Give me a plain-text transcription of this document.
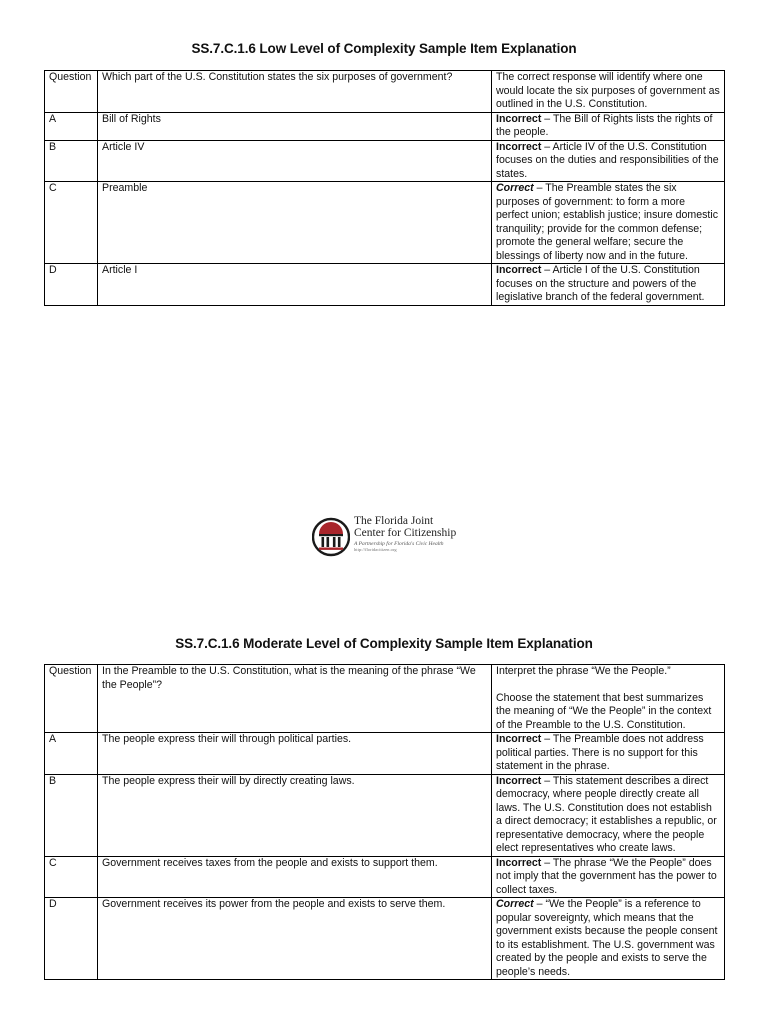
SS.7.C.1.6 Low Level of Complexity Sample Item Explanation
Question	Which part of the U.S. Constitution states the six purposes of government?	The correct response will identify where one would locate the six purposes of government as outlined in the U.S. Constitution.

A	Bill of Rights	Incorrect – The Bill of Rights lists the rights of the people.
B	Article IV	Incorrect – Article IV of the U.S. Constitution focuses on the duties and responsibilities of the states.
C	Preamble	Correct – The Preamble states the six purposes of government: to form a more perfect union; establish justice; insure domestic tranquility; provide for the common defense; promote the general welfare; secure the blessings of liberty now and in the future.
D	Article I	Incorrect – Article I of the U.S. Constitution focuses on the structure and powers of the legislative branch of the federal government.
The Florida Joint
Center for Citizenship
A Partnership for Florida's Civic Health
http://floridacitizen.org
SS.7.C.1.6 Moderate Level of Complexity Sample Item Explanation
Question	In the Preamble to the U.S. Constitution, what is the meaning of the phrase “We the People”?	Interpret the phrase “We the People.”

Choose the statement that best summarizes the meaning of “We the People” in the context of the Preamble to the U.S. Constitution.

A	The people express their will through political parties.	Incorrect – The Preamble does not address political parties. There is no support for this statement in the phrase.
B	The people express their will by directly creating laws.	Incorrect – This statement describes a direct democracy, where people directly create all laws. The U.S. Constitution does not establish a direct democracy; it establishes a republic, or representative democracy, where the people elect representatives who create laws.
C	Government receives taxes from the people and exists to support them.	Incorrect – The phrase “We the People” does not imply that the government has the power to collect taxes.
D	Government receives its power from the people and exists to serve them.	Correct – “We the People” is a reference to popular sovereignty, which means that the government exists because the people consent to its establishment. The U.S. government was created by the people and exists to serve the people’s needs.
